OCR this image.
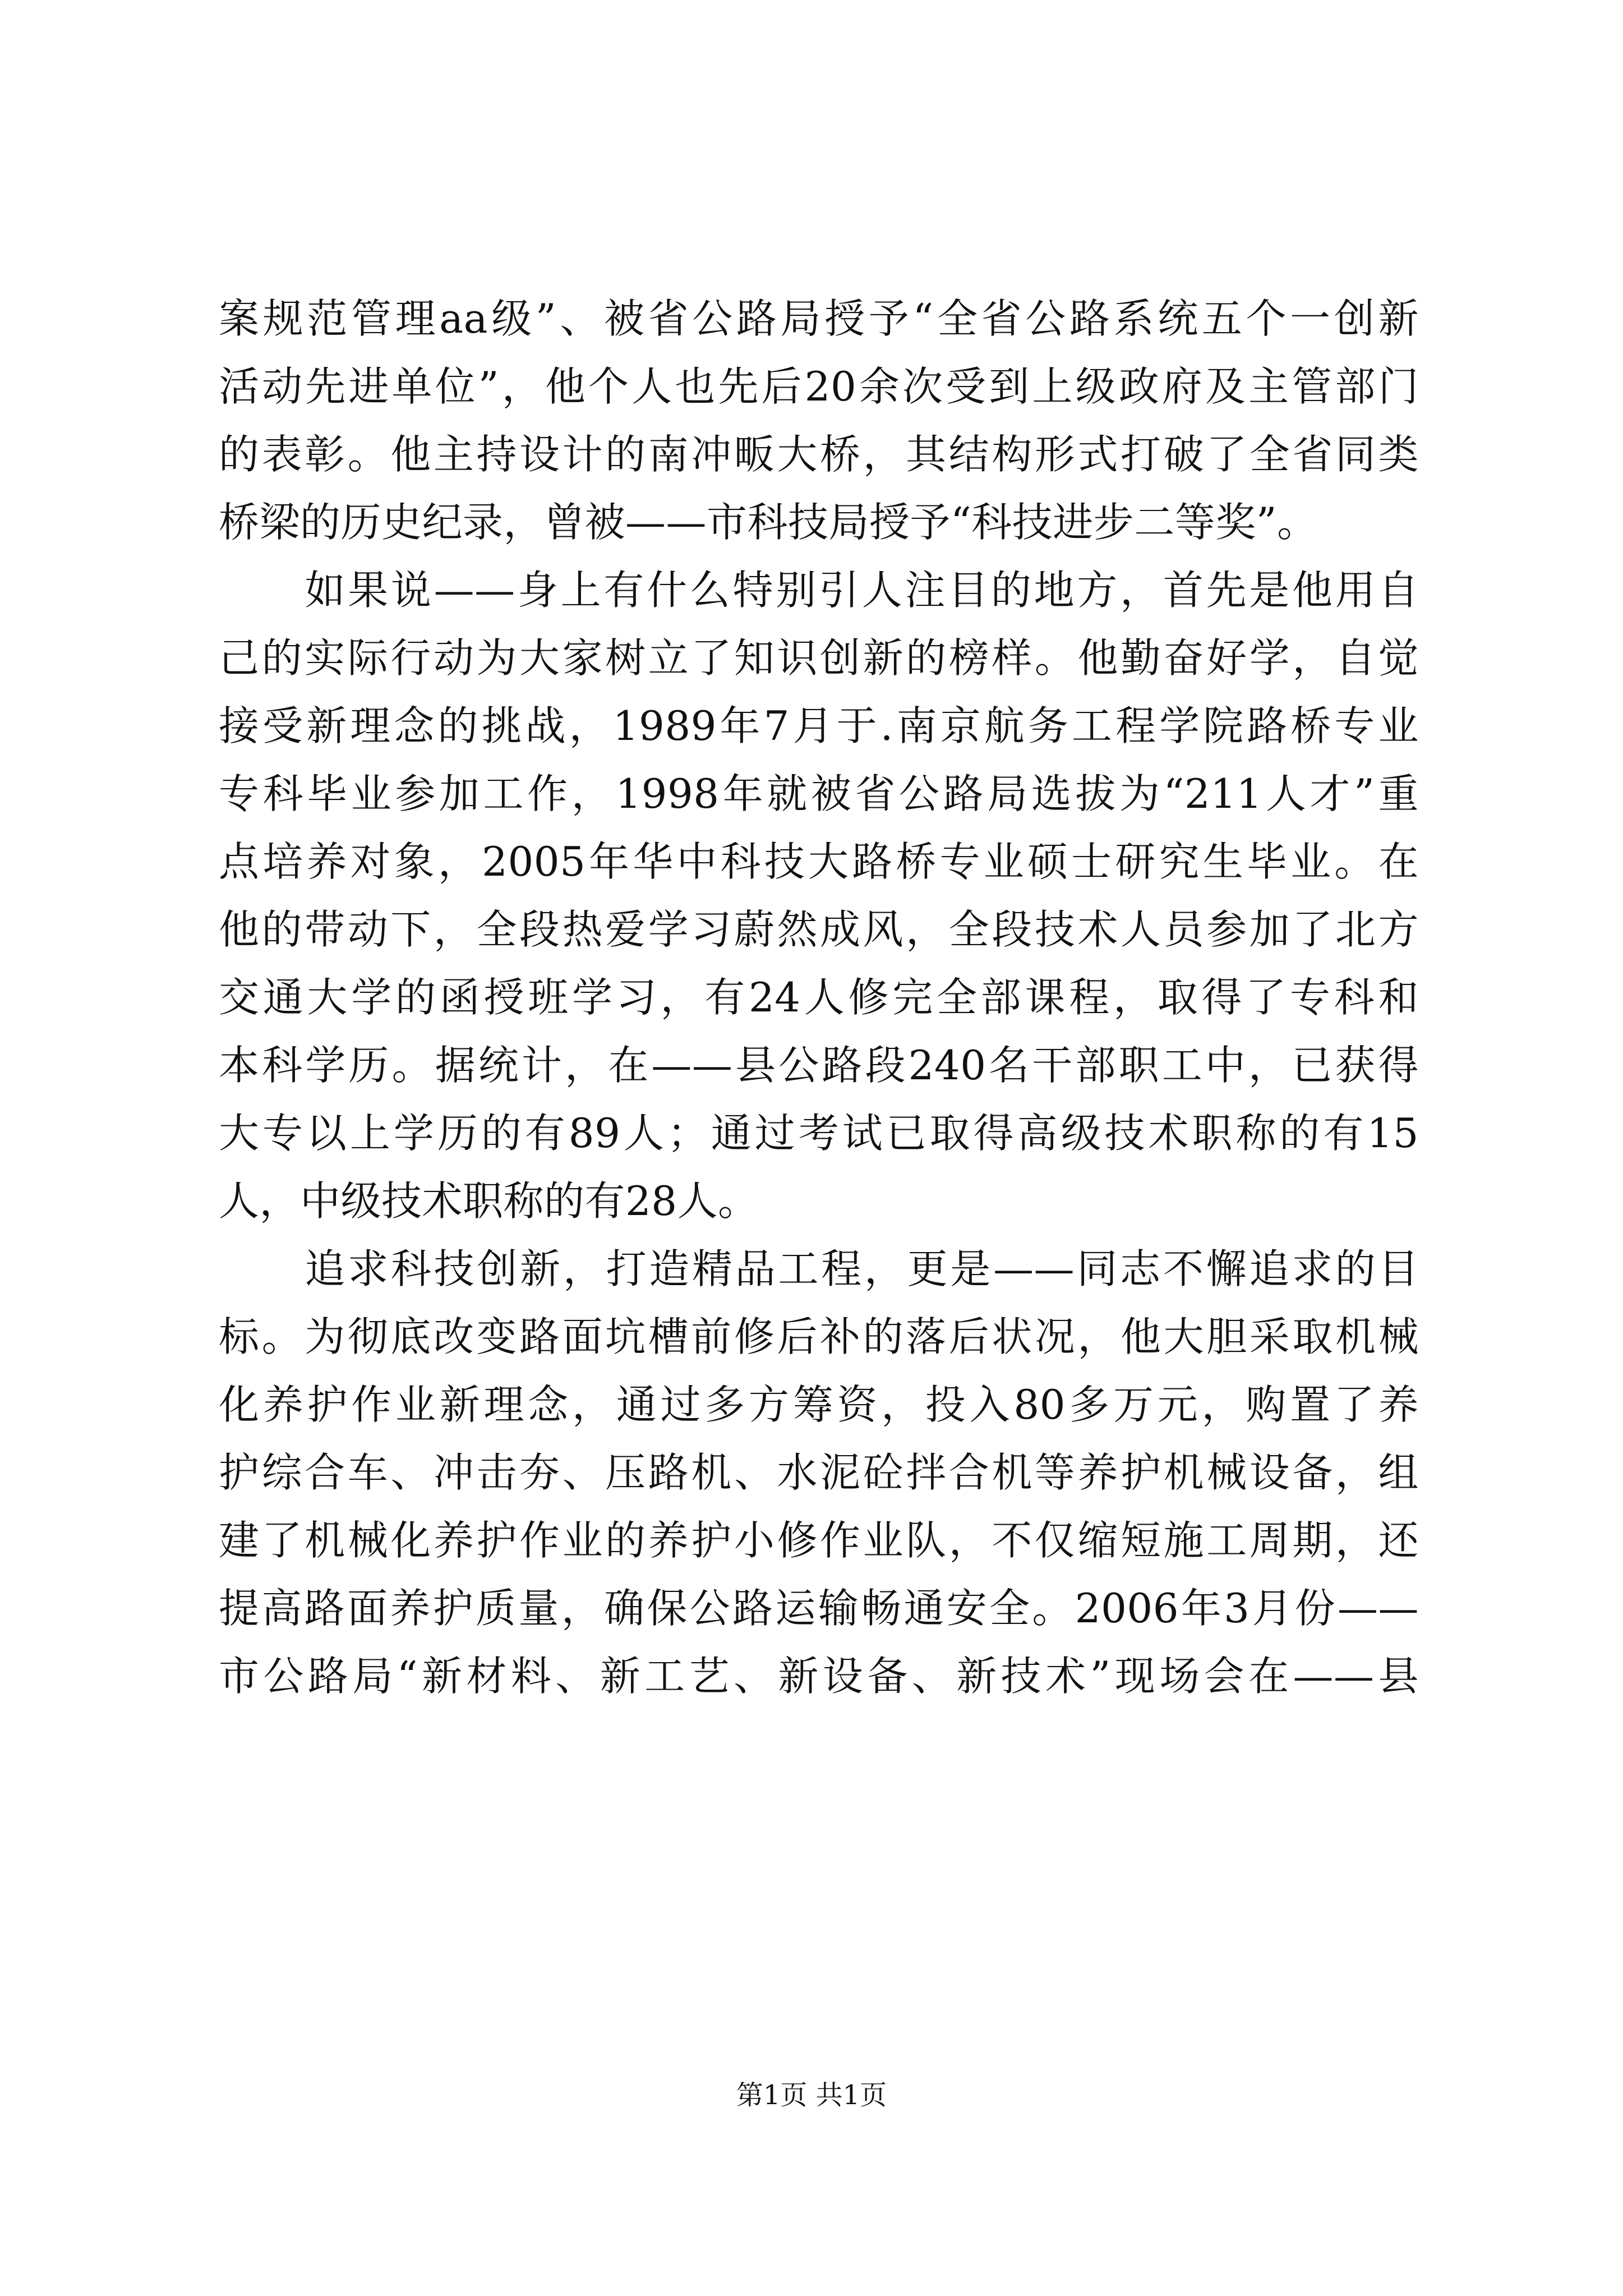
案规范管理aa级”、被省公路局授予“全省公路系统五个一创新
活动先进单位”，他个人也先后20余次受到上级政府及主管部门
的表彰。他主持设计的南冲畈大桥，其结构形式打破了全省同类
桥梁的历史纪录，曾被——市科技局授予“科技进步二等奖”。
　　如果说——身上有什么特别引人注目的地方，首先是他用自
己的实际行动为大家树立了知识创新的榜样。他勤奋好学，自觉
接受新理念的挑战，1989年7月于.南京航务工程学院路桥专业
专科毕业参加工作，1998年就被省公路局选拔为“211人才”重
点培养对象，2005年华中科技大路桥专业硕士研究生毕业。在
他的带动下，全段热爱学习蔚然成风，全段技术人员参加了北方
交通大学的函授班学习，有24人修完全部课程，取得了专科和
本科学历。据统计，在——县公路段240名干部职工中，已获得
大专以上学历的有89人；通过考试已取得高级技术职称的有15
人，中级技术职称的有28人。
　　追求科技创新，打造精品工程，更是——同志不懈追求的目
标。为彻底改变路面坑槽前修后补的落后状况，他大胆采取机械
化养护作业新理念，通过多方筹资，投入80多万元，购置了养
护综合车、冲击夯、压路机、水泥砼拌合机等养护机械设备，组
建了机械化养护作业的养护小修作业队，不仅缩短施工周期，还
提高路面养护质量，确保公路运输畅通安全。2006年3月份——
市公路局“新材料、新工艺、新设备、新技术”现场会在——县
第1页 共1页
